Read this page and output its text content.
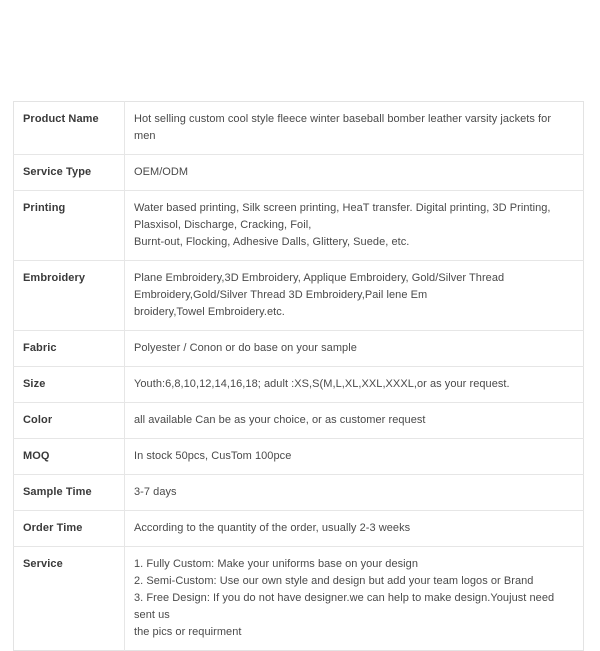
Product Name	Hot selling custom cool style fleece winter baseball bomber leather varsity jackets for men

Service Type	OEM/ODM

Printing	Water based printing, Silk screen printing, HeaT transfer. Digital printing, 3D Printing,
Plasxisol, Discharge, Cracking, Foil,
Burnt-out, Flocking, Adhesive Dalls, Glittery, Suede, etc.

Embroidery	Plane Embroidery,3D Embroidery, Applique Embroidery, Gold/Silver Thread
Embroidery,Gold/Silver Thread 3D Embroidery,Pail lene Em
broidery,Towel Embroidery.etc.

Fabric	Polyester / Conon or do base on your sample

Size	Youth:6,8,10,12,14,16,18; adult :XS,S(M,L,XL,XXL,XXXL,or as your request.

Color	all available Can be as your choice, or as customer request

MOQ	In stock 50pcs, CusTom 100pce

Sample Time	3-7 days

Order Time	According to the quantity of the order, usually 2-3 weeks

Service	1. Fully Custom: Make your uniforms base on your design
2. Semi-Custom: Use our own style and design but add your team logos or Brand
3. Free Design: If you do not have designer.we can help to make design.Youjust need sent us
the pics or requirment
